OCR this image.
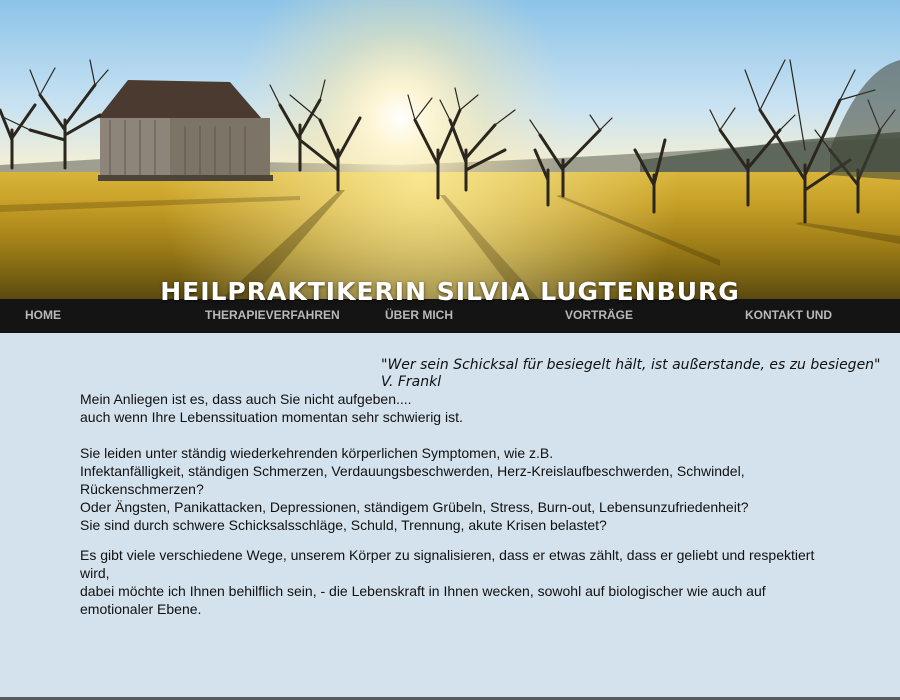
HEILPRAKTIKERIN SILVIA LUGTENBURG
HOME	THERAPIEVERFAHREN	ÜBER MICH	VORTRÄGE	KONTAKT UND

"Wer sein Schicksal für besiegelt hält, ist außerstande, es zu besiegen"

V. Frankl

Mein Anliegen ist es, dass auch Sie nicht aufgeben....

auch wenn Ihre Lebenssituation momentan sehr schwierig ist.

Sie leiden unter ständig wiederkehrenden körperlichen Symptomen, wie z.B.

Infektanfälligkeit, ständigen Schmerzen, Verdauungsbeschwerden, Herz-Kreislaufbeschwerden, Schwindel, Rückenschmerzen?

Oder Ängsten, Panikattacken, Depressionen, ständigem Grübeln, Stress, Burn-out, Lebensunzufriedenheit?

Sie sind durch schwere Schicksalsschläge, Schuld, Trennung, akute Krisen belastet?

Es gibt viele verschiedene Wege, unserem Körper zu signalisieren, dass er etwas zählt, dass er geliebt und respektiert wird,

dabei möchte ich Ihnen behilflich sein, - die Lebenskraft in Ihnen wecken, sowohl auf biologischer wie auch auf emotionaler Ebene.
